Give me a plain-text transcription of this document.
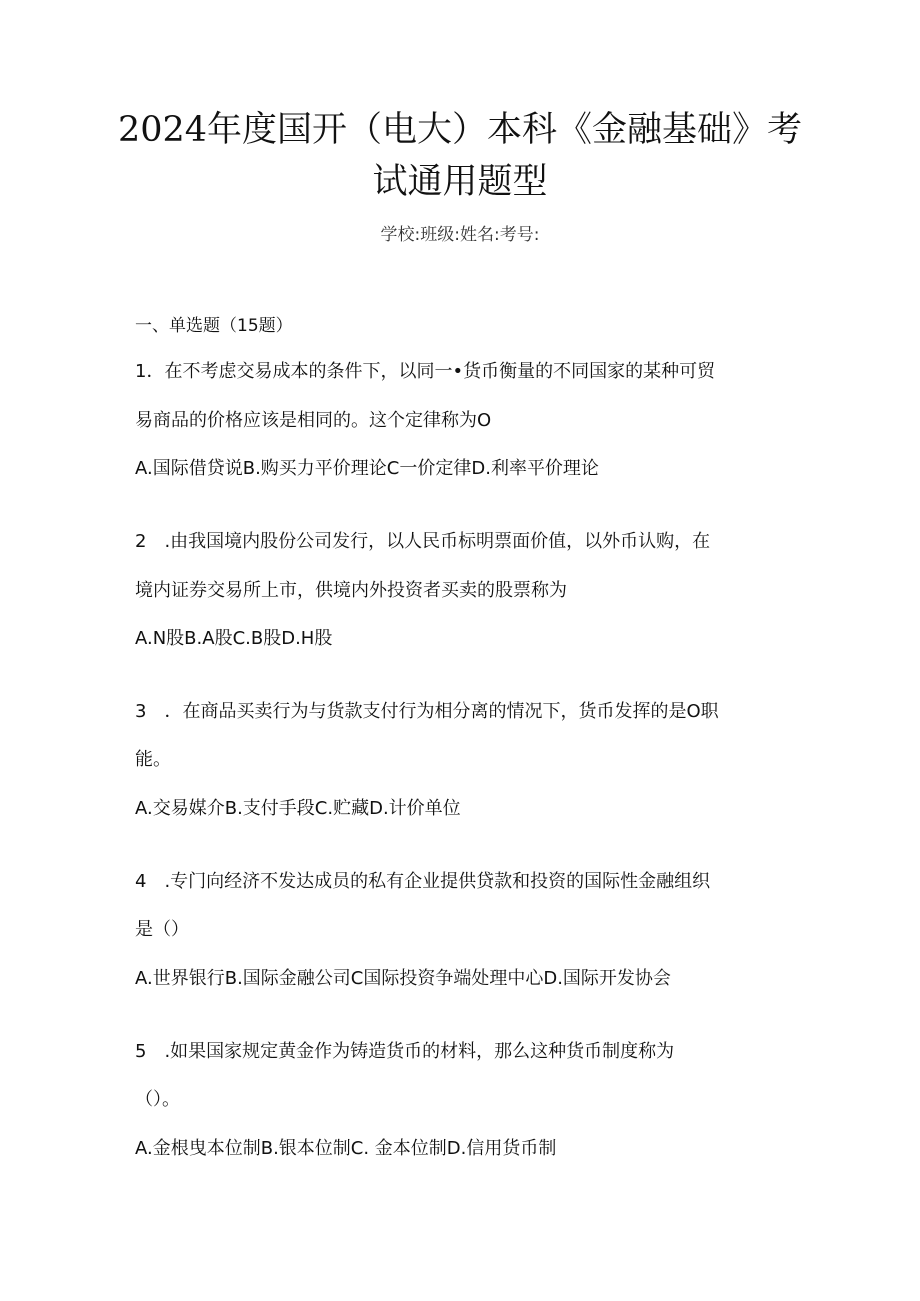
2024年度国开（电大）本科《金融基础》考
试通用题型
学校:班级:姓名:考号:
一、单选题（15题）
1．在不考虑交易成本的条件下，以同一•货币衡量的不同国家的某种可贸
易商品的价格应该是相同的。这个定律称为O
A.国际借贷说B.购买力平价理论C一价定律D.利率平价理论
2　.由我国境内股份公司发行，以人民币标明票面价值，以外币认购，在
境内证券交易所上市，供境内外投资者买卖的股票称为
A.N股B.A股C.B股D.H股
3　．在商品买卖行为与货款支付行为相分离的情况下，货币发挥的是O职
能。
A.交易媒介B.支付手段C.贮藏D.计价单位
4　.专门向经济不发达成员的私有企业提供贷款和投资的国际性金融组织
是（）
A.世界银行B.国际金融公司C国际投资争端处理中心D.国际开发协会
5　.如果国家规定黄金作为铸造货币的材料，那么这种货币制度称为
（）。
A.金根曳本位制B.银本位制C. 金本位制D.信用货币制
